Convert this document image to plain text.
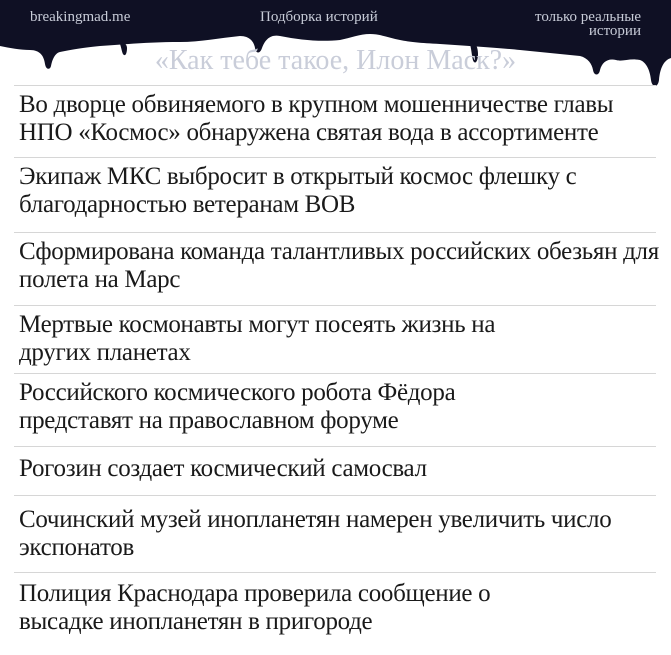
breakingmad.me	Подборка историй	только реальные истории
«Как тебе такое, Илон Маск?»
Во дворце обвиняемого в крупном мошенничестве главы НПО «Космос» обнаружена святая вода в ассортименте
Экипаж МКС выбросит в открытый космос флешку с благодарностью ветеранам ВОВ
Сформирована команда талантливых российских обезьян для полета на Марс
Мертвые космонавты могут посеять жизнь на других планетах
Российского космического робота Фёдора представят на православном форуме
Рогозин создает космический самосвал
Сочинский музей инопланетян намерен увеличить число экспонатов
Полиция Краснодара проверила сообщение о высадке инопланетян в пригороде
